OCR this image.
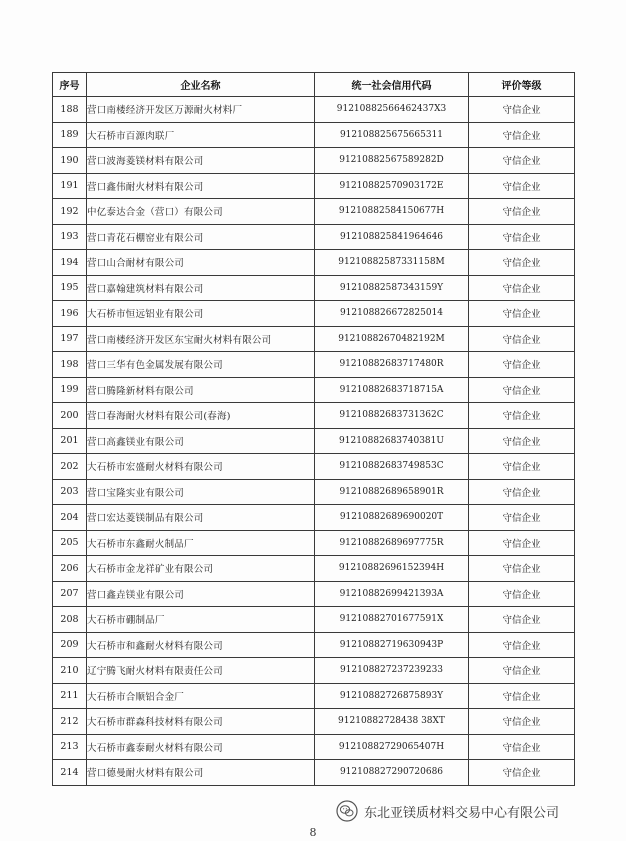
序号	企业名称	统一社会信用代码	评价等级
188	营口南楼经济开发区万源耐火材料厂	91210882566462437X3	守信企业
189	大石桥市百源肉联厂	912108825675665311	守信企业
190	营口波海菱镁材料有限公司	91210882567589282D	守信企业
191	营口鑫伟耐火材料有限公司	91210882570903172E	守信企业
192	中亿泰达合金（营口）有限公司	91210882584150677H	守信企业
193	营口青花石棚窑业有限公司	912108825841964646	守信企业
194	营口山合耐材有限公司	91210882587331158M	守信企业
195	营口嘉翰建筑材料有限公司	91210882587343159Y	守信企业
196	大石桥市恒远铝业有限公司	912108826672825014	守信企业
197	营口南楼经济开发区东宝耐火材料有限公司	91210882670482192M	守信企业
198	营口三华有色金属发展有限公司	91210882683717480R	守信企业
199	营口腾隆新材料有限公司	91210882683718715A	守信企业
200	营口春海耐火材料有限公司(春海)	91210882683731362C	守信企业
201	营口高鑫镁业有限公司	91210882683740381U	守信企业
202	大石桥市宏盛耐火材料有限公司	91210882683749853C	守信企业
203	营口宝隆实业有限公司	91210882689658901R	守信企业
204	营口宏达菱镁制品有限公司	91210882689690020T	守信企业
205	大石桥市东鑫耐火制品厂	91210882689697775R	守信企业
206	大石桥市金龙祥矿业有限公司	91210882696152394H	守信企业
207	营口鑫垚镁业有限公司	91210882699421393A	守信企业
208	大石桥市硼制品厂	91210882701677591X	守信企业
209	大石桥市和鑫耐火材料有限公司	91210882719630943P	守信企业
210	辽宁腾飞耐火材料有限责任公司	912108827237239233	守信企业
211	大石桥市合顺铝合金厂	91210882726875893Y	守信企业
212	大石桥市群森科技材料有限公司	91210882728438 38XT	守信企业
213	大石桥市鑫泰耐火材料有限公司	91210882729065407H	守信企业
214	营口德曼耐火材料有限公司	912108827290720686	守信企业
东北亚镁质材料交易中心有限公司
8
